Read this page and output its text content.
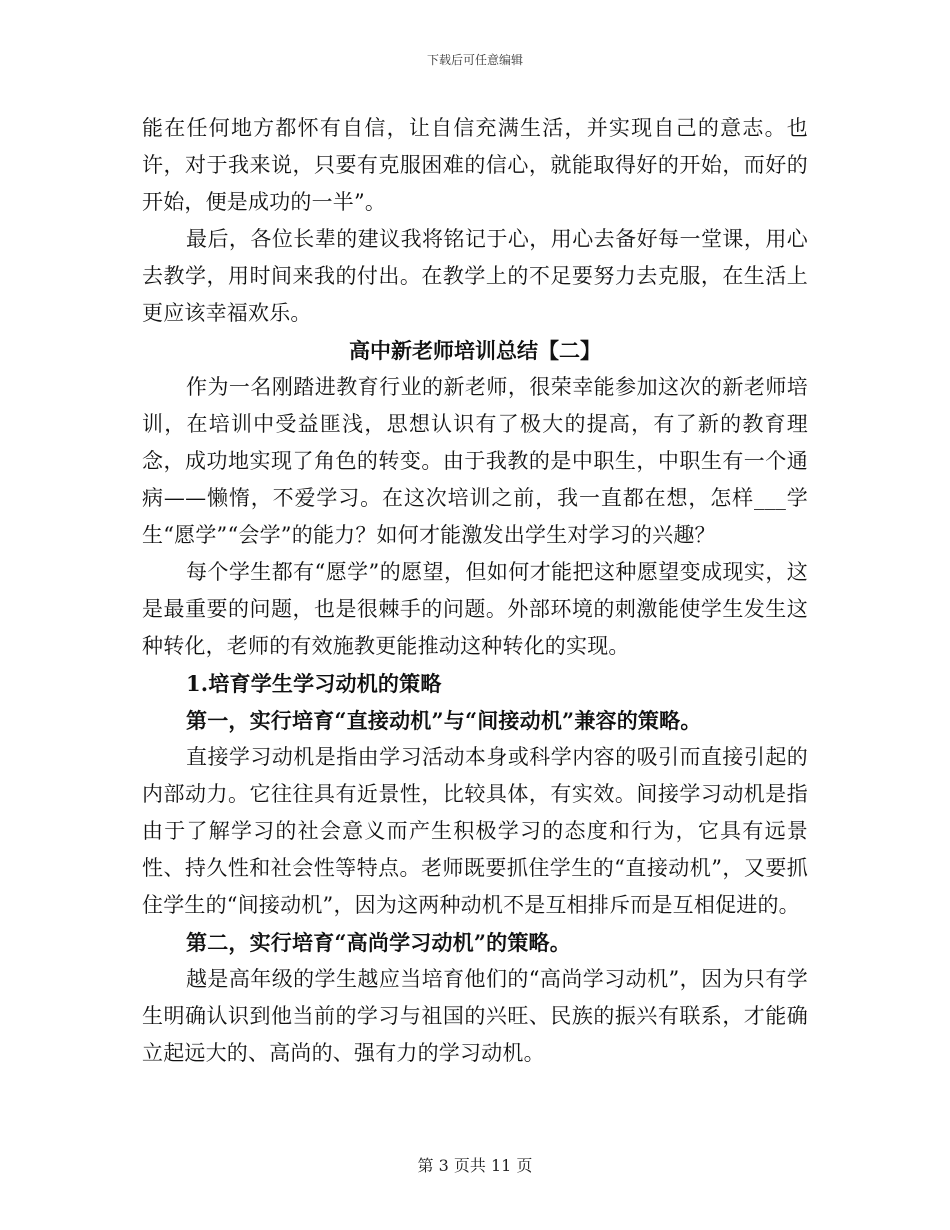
下载后可任意编辑

能在任何地方都怀有自信，让自信充满生活，并实现自己的意志。也许，对于我来说，只要有克服困难的信心，就能取得好的开始，而好的开始，便是成功的一半”。

最后，各位长辈的建议我将铭记于心，用心去备好每一堂课，用心去教学，用时间来我的付出。在教学上的不足要努力去克服，在生活上更应该幸福欢乐。

高中新老师培训总结【二】

作为一名刚踏进教育行业的新老师，很荣幸能参加这次的新老师培训，在培训中受益匪浅，思想认识有了极大的提高，有了新的教育理念，成功地实现了角色的转变。由于我教的是中职生，中职生有一个通病——懒惰，不爱学习。在这次培训之前，我一直都在想，怎样___学生“愿学”“会学”的能力？如何才能激发出学生对学习的兴趣？

每个学生都有“愿学”的愿望，但如何才能把这种愿望变成现实，这是最重要的问题，也是很棘手的问题。外部环境的刺激能使学生发生这种转化，老师的有效施教更能推动这种转化的实现。

1.培育学生学习动机的策略

第一，实行培育“直接动机”与“间接动机”兼容的策略。

直接学习动机是指由学习活动本身或科学内容的吸引而直接引起的内部动力。它往往具有近景性，比较具体，有实效。间接学习动机是指由于了解学习的社会意义而产生积极学习的态度和行为，它具有远景性、持久性和社会性等特点。老师既要抓住学生的“直接动机”，又要抓住学生的“间接动机”，因为这两种动机不是互相排斥而是互相促进的。

第二，实行培育“高尚学习动机”的策略。

越是高年级的学生越应当培育他们的“高尚学习动机”，因为只有学生明确认识到他当前的学习与祖国的兴旺、民族的振兴有联系，才能确立起远大的、高尚的、强有力的学习动机。

第 3 页共 11 页
